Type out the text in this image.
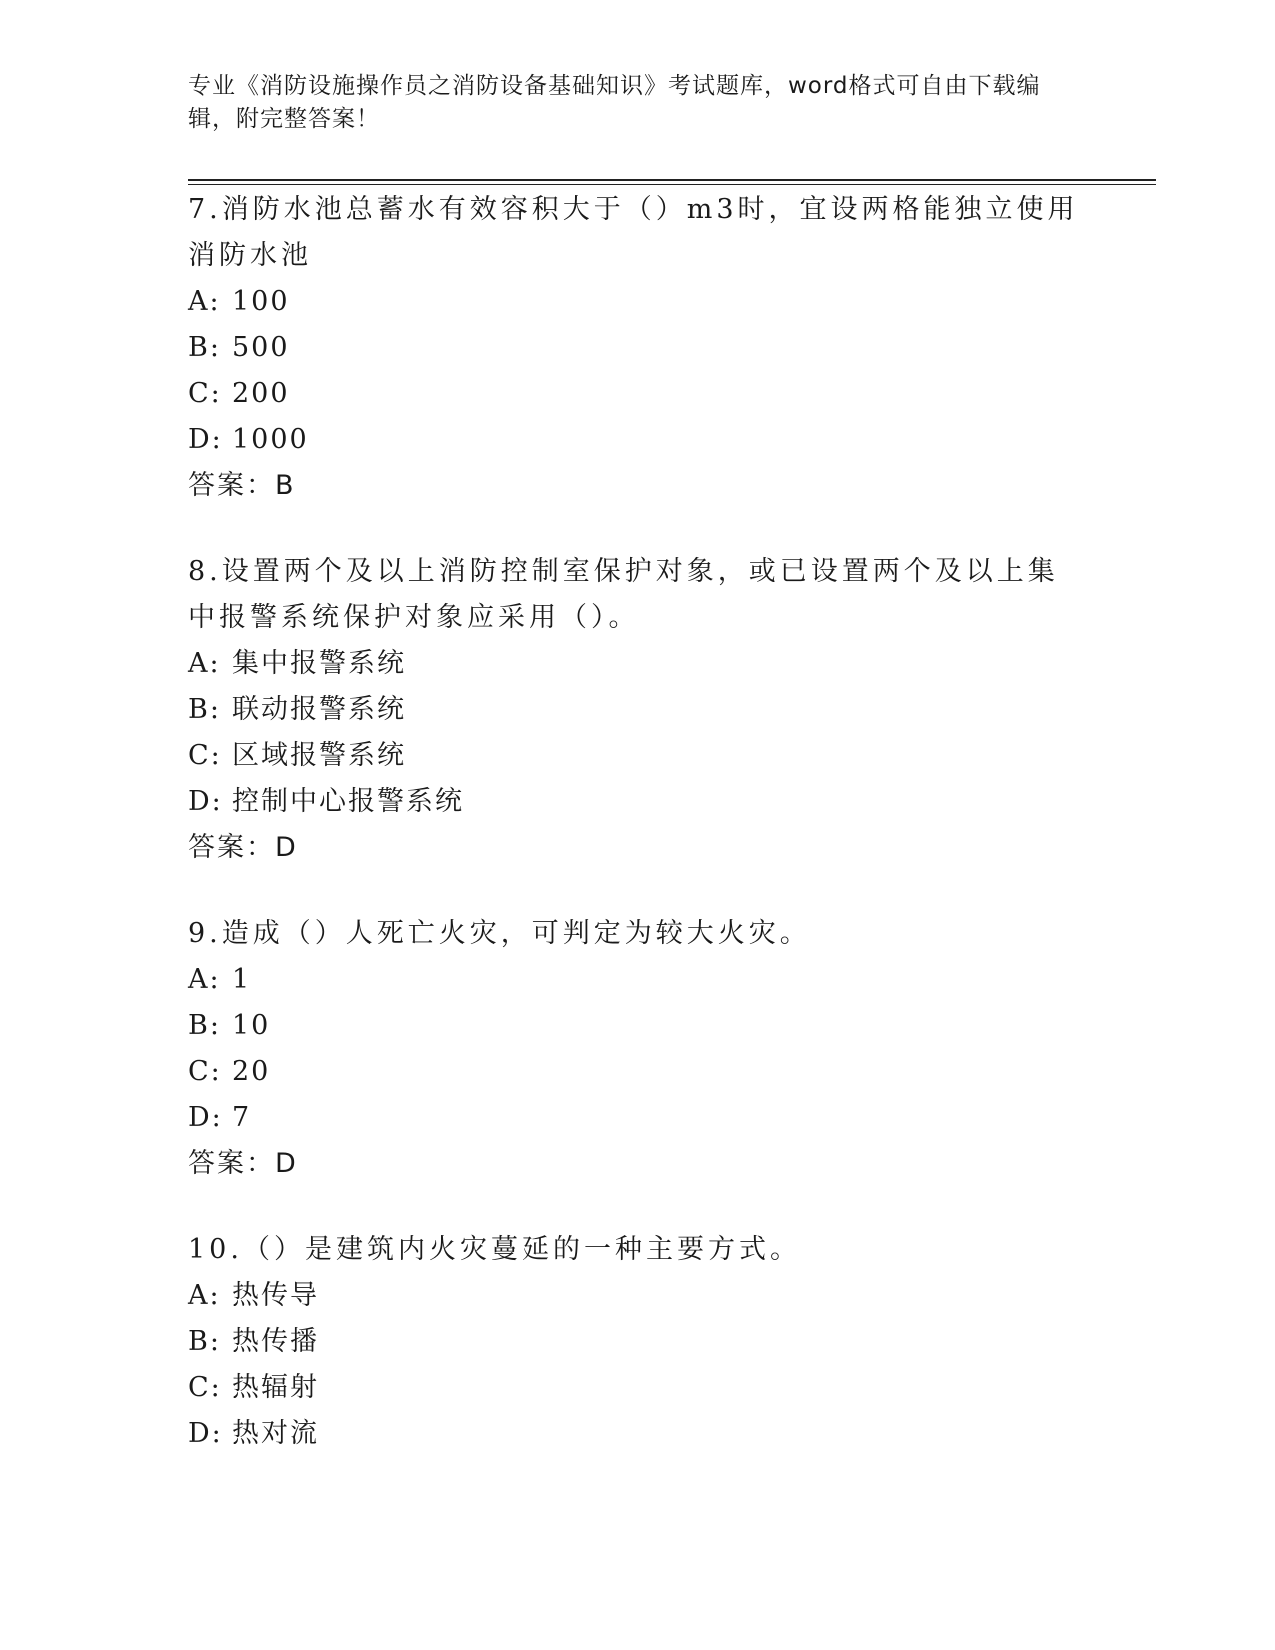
专业《消防设施操作员之消防设备基础知识》考试题库，word格式可自由下载编辑，附完整答案！

7.消防水池总蓄水有效容积大于（）m3时，宜设两格能独立使用消防水池

A: 100

B: 500

C: 200

D: 1000

答案：B

8.设置两个及以上消防控制室保护对象，或已设置两个及以上集中报警系统保护对象应采用（）。

A: 集中报警系统

B: 联动报警系统

C: 区域报警系统

D: 控制中心报警系统

答案：D

9.造成（）人死亡火灾，可判定为较大火灾。

A: 1

B: 10

C: 20

D: 7

答案：D

10.（）是建筑内火灾蔓延的一种主要方式。

A: 热传导

B: 热传播

C: 热辐射

D: 热对流
